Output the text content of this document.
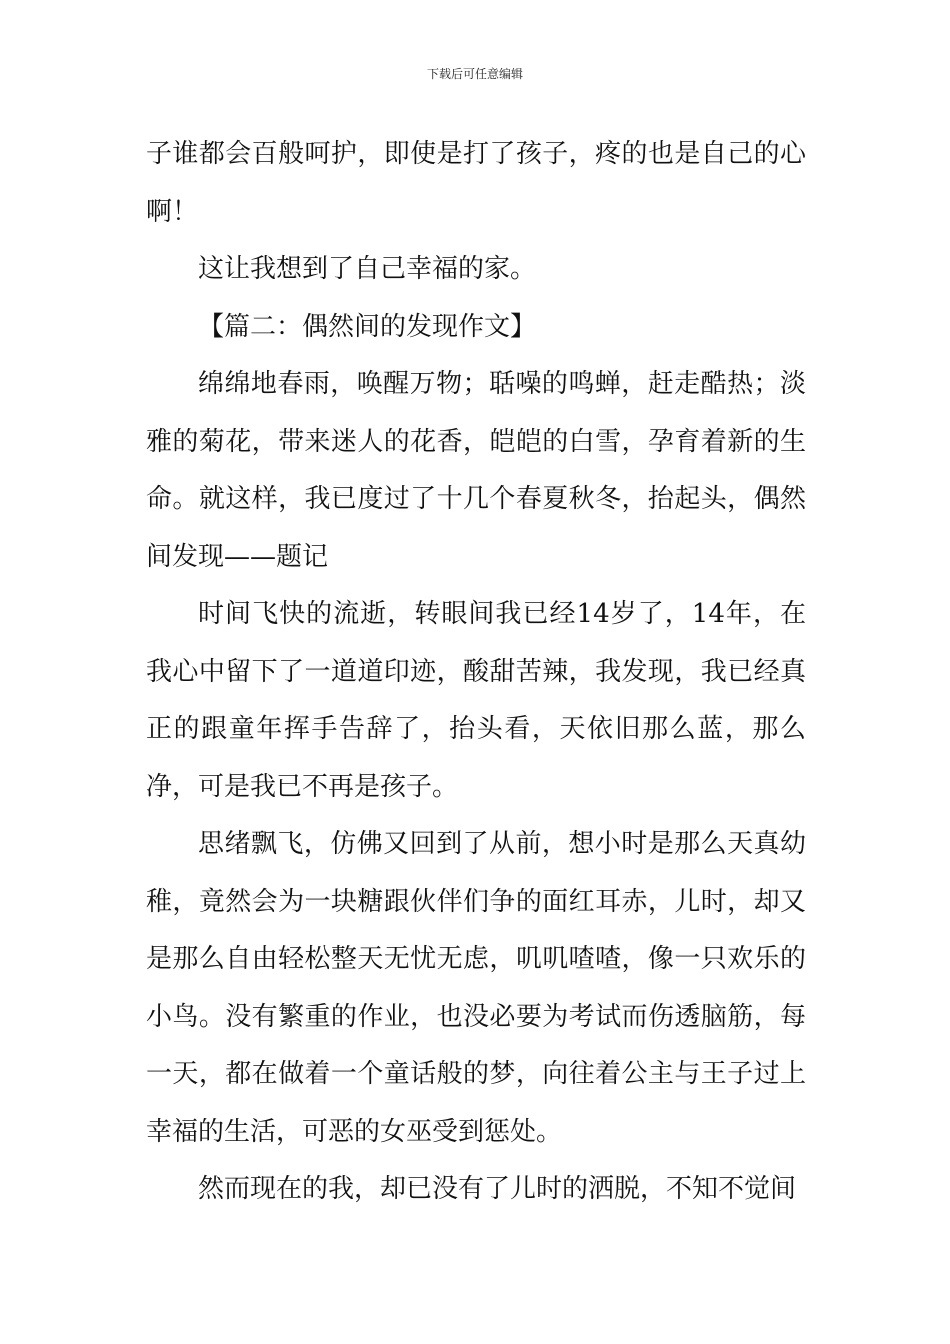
下载后可任意编辑

子谁都会百般呵护，即使是打了孩子，疼的也是自己的心啊！

这让我想到了自己幸福的家。

【篇二：偶然间的发现作文】

绵绵地春雨，唤醒万物；聒噪的鸣蝉，赶走酷热；淡雅的菊花，带来迷人的花香，皑皑的白雪，孕育着新的生命。就这样，我已度过了十几个春夏秋冬，抬起头，偶然间发现——题记

时间飞快的流逝，转眼间我已经14岁了，14年，在我心中留下了一道道印迹，酸甜苦辣，我发现，我已经真正的跟童年挥手告辞了，抬头看，天依旧那么蓝，那么净，可是我已不再是孩子。

思绪飘飞，仿佛又回到了从前，想小时是那么天真幼稚，竟然会为一块糖跟伙伴们争的面红耳赤，儿时，却又是那么自由轻松整天无忧无虑，叽叽喳喳，像一只欢乐的小鸟。没有繁重的作业，也没必要为考试而伤透脑筋，每一天，都在做着一个童话般的梦，向往着公主与王子过上幸福的生活，可恶的女巫受到惩处。

然而现在的我，却已没有了儿时的洒脱，不知不觉间
